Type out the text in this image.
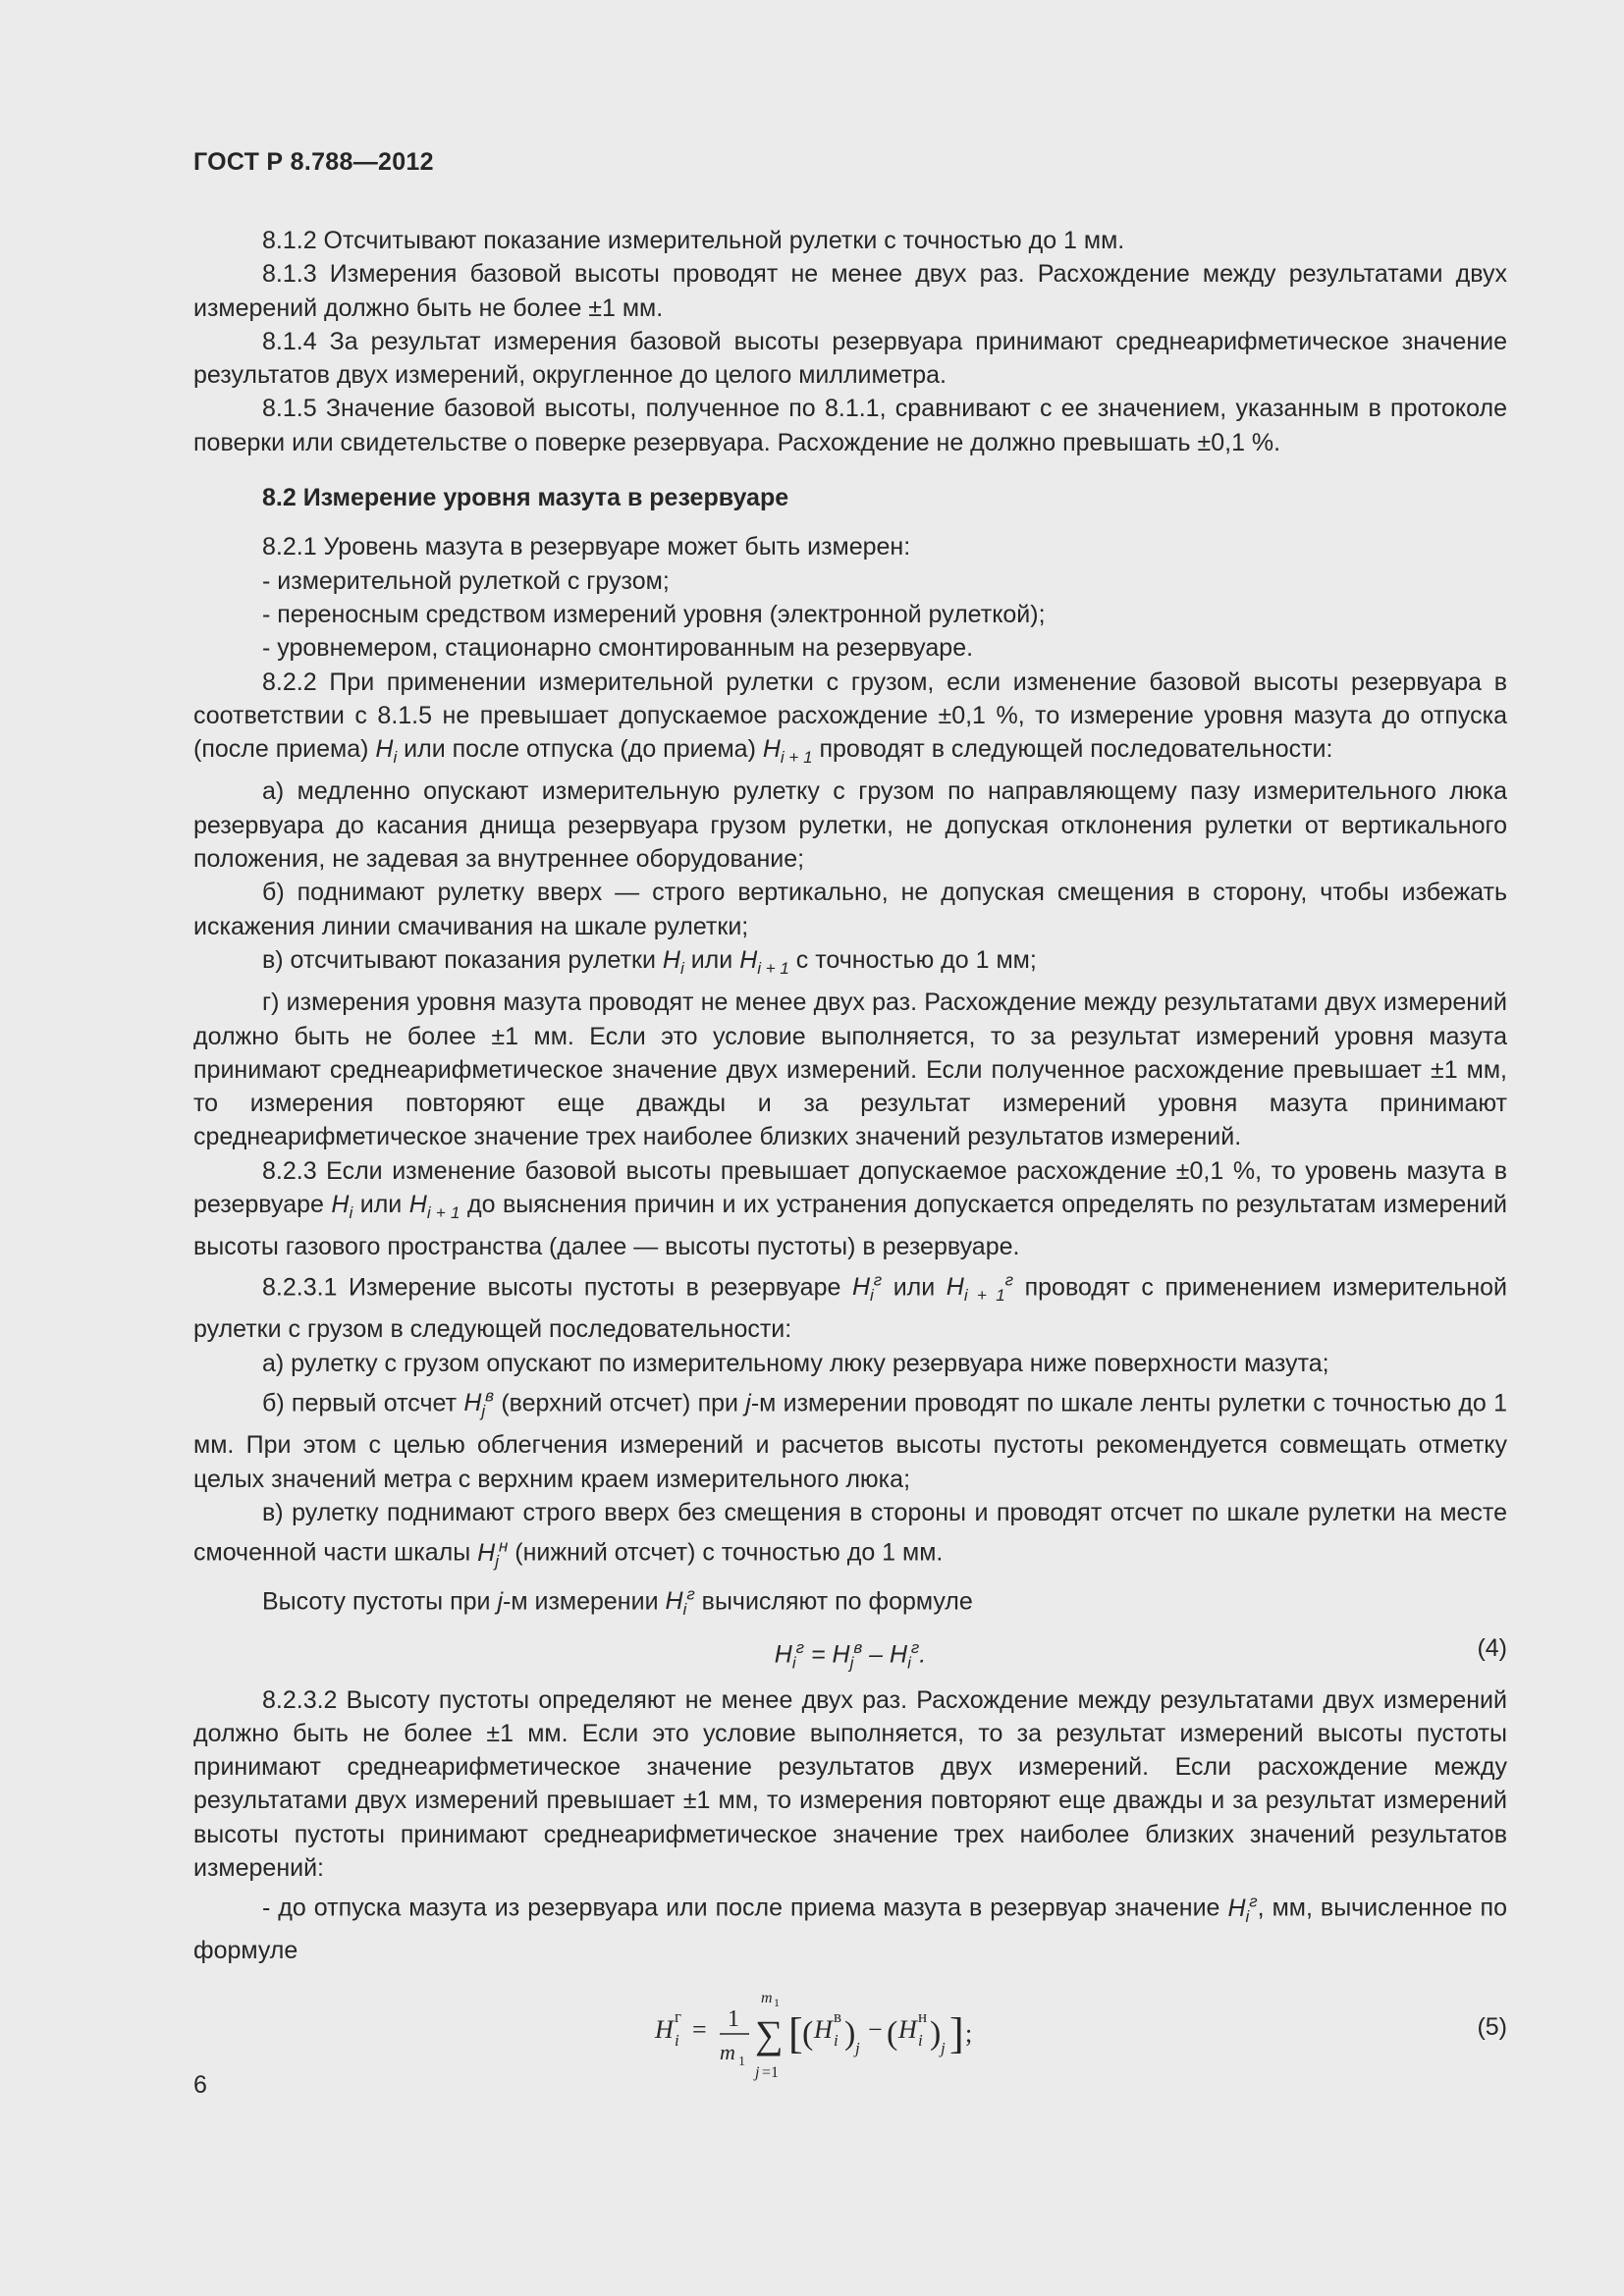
ГОСТ Р 8.788—2012

8.1.2 Отсчитывают показание измерительной рулетки с точностью до 1 мм.

8.1.3 Измерения базовой высоты проводят не менее двух раз. Расхождение между результатами двух измерений должно быть не более ±1 мм.

8.1.4 За результат измерения базовой высоты резервуара принимают среднеарифметическое значение результатов двух измерений, округленное до целого миллиметра.

8.1.5 Значение базовой высоты, полученное по 8.1.1, сравнивают с ее значением, указанным в протоколе поверки или свидетельстве о поверке резервуара. Расхождение не должно превышать ±0,1 %.

8.2 Измерение уровня мазута в резервуаре

8.2.1 Уровень мазута в резервуаре может быть измерен:

- измерительной рулеткой с грузом;

- переносным средством измерений уровня (электронной рулеткой);

- уровнемером, стационарно смонтированным на резервуаре.

8.2.2 При применении измерительной рулетки с грузом, если изменение базовой высоты резервуара в соответствии с 8.1.5 не превышает допускаемое расхождение ±0,1 %, то измерение уровня мазута до отпуска (после приема) $H_i$ или после отпуска (до приема) $H_{i + 1}$ проводят в следующей последовательности:

а) медленно опускают измерительную рулетку с грузом по направляющему пазу измерительного люка резервуара до касания днища резервуара грузом рулетки, не допуская отклонения рулетки от вертикального положения, не задевая за внутреннее оборудование;

б) поднимают рулетку вверх — строго вертикально, не допуская смещения в сторону, чтобы избежать искажения линии смачивания на шкале рулетки;

в) отсчитывают показания рулетки $H_i$ или $H_{i + 1}$ с точностью до 1 мм;

г) измерения уровня мазута проводят не менее двух раз. Расхождение между результатами двух измерений должно быть не более ±1 мм. Если это условие выполняется, то за результат измерений уровня мазута принимают среднеарифметическое значение двух измерений. Если полученное расхождение превышает ±1 мм, то измерения повторяют еще дважды и за результат измерений уровня мазута принимают среднеарифметическое значение трех наиболее близких значений результатов измерений.

8.2.3 Если изменение базовой высоты превышает допускаемое расхождение ±0,1 %, то уровень мазута в резервуаре $H_i$ или $H_{i + 1}$ до выяснения причин и их устранения допускается определять по результатам измерений высоты газового пространства (далее — высоты пустоты) в резервуаре.

8.2.3.1 Измерение высоты пустоты в резервуаре $H_i^г$ или $H_{i + 1}^г$ проводят с применением измерительной рулетки с грузом в следующей последовательности:

а) рулетку с грузом опускают по измерительному люку резервуара ниже поверхности мазута;

б) первый отсчет $H_j^в$ (верхний отсчет) при j-м измерении проводят по шкале ленты рулетки с точностью до 1 мм. При этом с целью облегчения измерений и расчетов высоты пустоты рекомендуется совмещать отметку целых значений метра с верхним краем измерительного люка;

в) рулетку поднимают строго вверх без смещения в стороны и проводят отсчет по шкале рулетки на месте смоченной части шкалы $H_j^н$ (нижний отсчет) с точностью до 1 мм.

Высоту пустоты при j-м измерении $H_i^г$ вычисляют по формуле

$H_i^г = H_j^в - H_i^г$.	(4)

8.2.3.2 Высоту пустоты определяют не менее двух раз. Расхождение между результатами двух измерений должно быть не более ±1 мм. Если это условие выполняется, то за результат измерений высоты пустоты принимают среднеарифметическое значение результатов двух измерений. Если расхождение между результатами двух измерений превышает ±1 мм, то измерения повторяют еще дважды и за результат измерений высоты пустоты принимают среднеарифметическое значение трех наиболее близких значений результатов измерений:

- до отпуска мазута из резервуара или после приема мазута в резервуар значение $H_i^г$, мм, вычисленное по формуле

H i
г = 1
m 1
∑
m 1
j =1
[ ( H i
в ) j
− ( H i
н ) j ] ;	(5)
6
